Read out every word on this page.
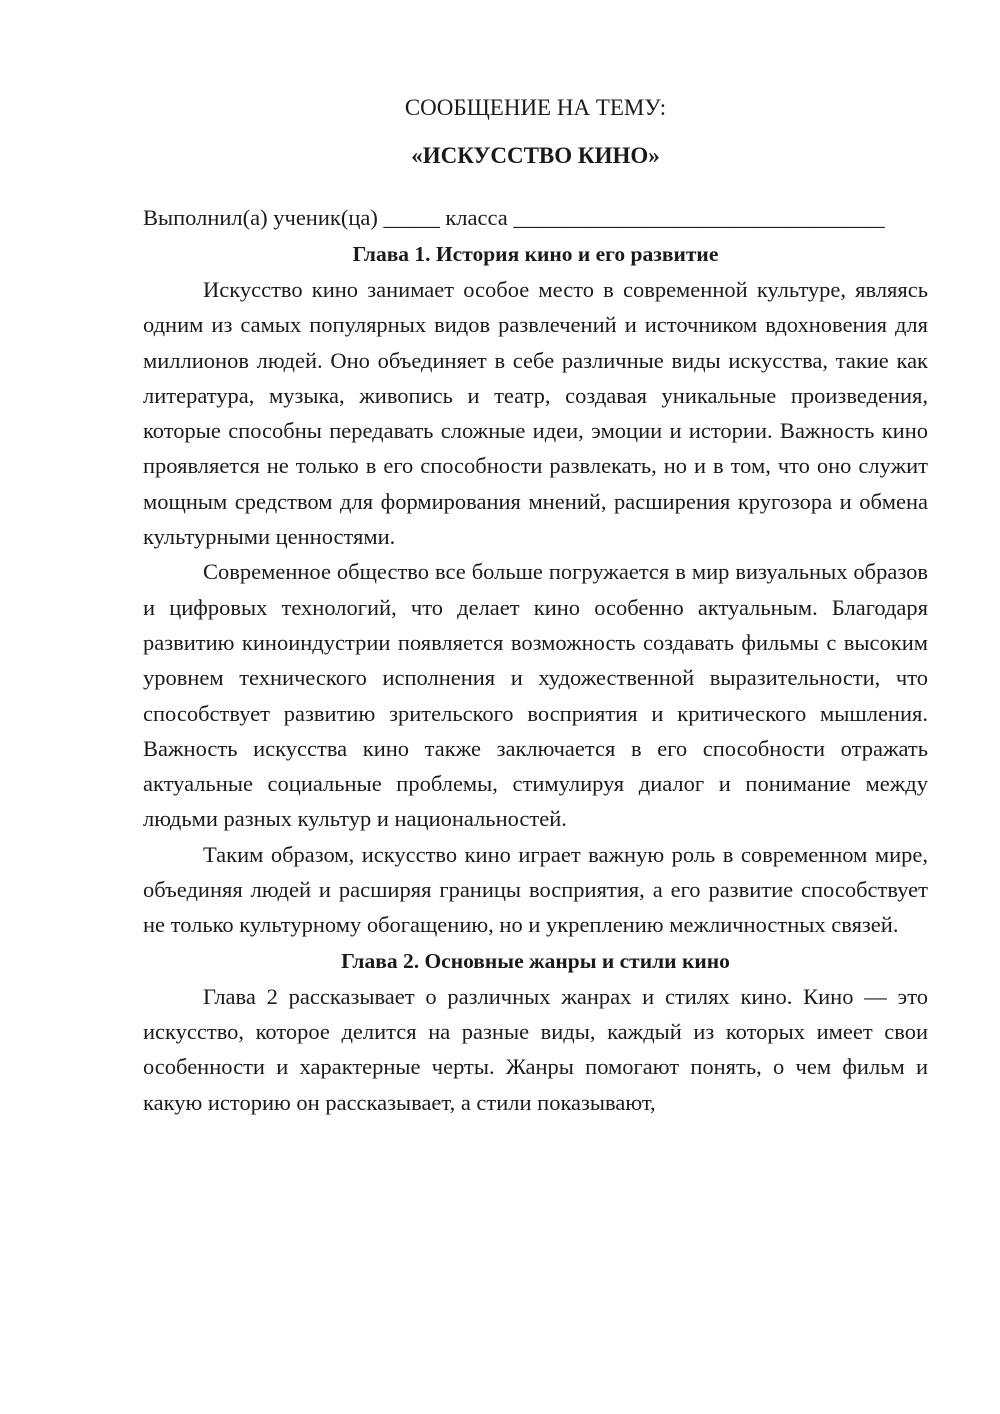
СООБЩЕНИЕ НА ТЕМУ:

«ИСКУССТВО КИНО»

Выполнил(а) ученик(ца) _____ класса _________________________________

Глава 1. История кино и его развитие

Искусство кино занимает особое место в современной культуре, являясь одним из самых популярных видов развлечений и источником вдохновения для миллионов людей. Оно объединяет в себе различные виды искусства, такие как литература, музыка, живопись и театр, создавая уникальные произведения, которые способны передавать сложные идеи, эмоции и истории. Важность кино проявляется не только в его способности развлекать, но и в том, что оно служит мощным средством для формирования мнений, расширения кругозора и обмена культурными ценностями.

Современное общество все больше погружается в мир визуальных образов и цифровых технологий, что делает кино особенно актуальным. Благодаря развитию киноиндустрии появляется возможность создавать фильмы с высоким уровнем технического исполнения и художественной выразительности, что способствует развитию зрительского восприятия и критического мышления. Важность искусства кино также заключается в его способности отражать актуальные социальные проблемы, стимулируя диалог и понимание между людьми разных культур и национальностей.

Таким образом, искусство кино играет важную роль в современном мире, объединяя людей и расширяя границы восприятия, а его развитие способствует не только культурному обогащению, но и укреплению межличностных связей.

Глава 2. Основные жанры и стили кино

Глава 2 рассказывает о различных жанрах и стилях кино. Кино — это искусство, которое делится на разные виды, каждый из которых имеет свои особенности и характерные черты. Жанры помогают понять, о чем фильм и какую историю он рассказывает, а стили показывают,
